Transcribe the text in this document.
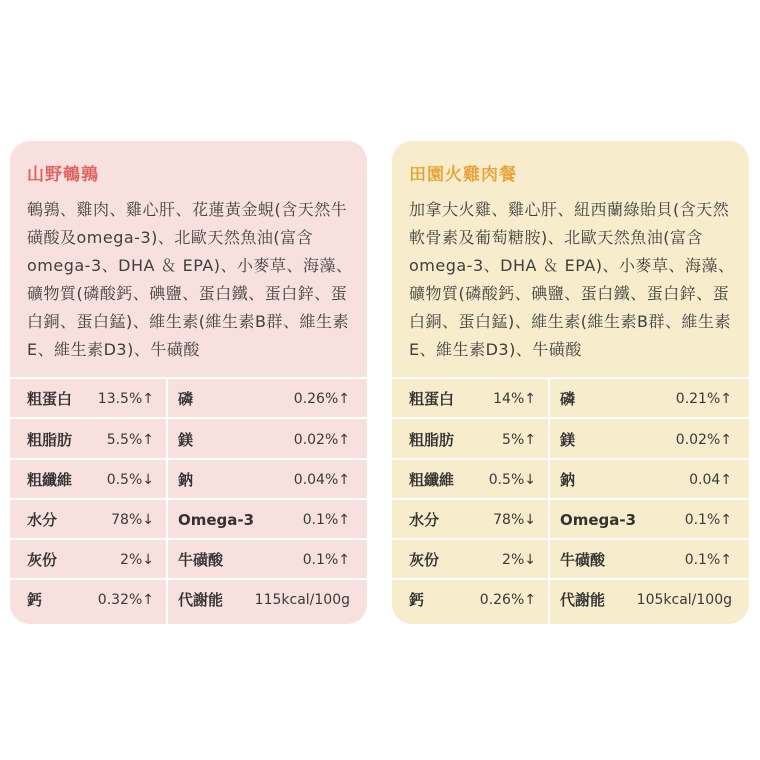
山野鵪鶉
鵪鶉、雞肉、雞心肝、花蓮黃金蜆(含天然牛磺酸及omega-3)、北歐天然魚油(富含omega-3、DHA ＆ EPA)、小麥草、海藻、礦物質(磷酸鈣、碘鹽、蛋白鐵、蛋白鋅、蛋白銅、蛋白錳)、維生素(維生素B群、維生素E、維生素D3)、牛磺酸
粗蛋白	13.5%↑ 磷	0.26%↑
粗脂肪	5.5%↑ 鎂	0.02%↑
粗纖維	0.5%↓ 鈉	0.04%↑
水分	78%↓ Omega-3	0.1%↑
灰份	2%↓ 牛磺酸	0.1%↑
鈣	0.32%↑ 代謝能	115kcal/100g
田園火雞肉餐
加拿大火雞、雞心肝、紐西蘭綠貽貝(含天然軟骨素及葡萄糖胺)、北歐天然魚油(富含omega-3、DHA ＆ EPA)、小麥草、海藻、礦物質(磷酸鈣、碘鹽、蛋白鐵、蛋白鋅、蛋白銅、蛋白錳)、維生素(維生素B群、維生素E、維生素D3)、牛磺酸
粗蛋白	14%↑ 磷	0.21%↑
粗脂肪	5%↑ 鎂	0.02%↑
粗纖維	0.5%↓ 鈉	0.04↑
水分	78%↓ Omega-3	0.1%↑
灰份	2%↓ 牛磺酸	0.1%↑
鈣	0.26%↑ 代謝能	105kcal/100g
